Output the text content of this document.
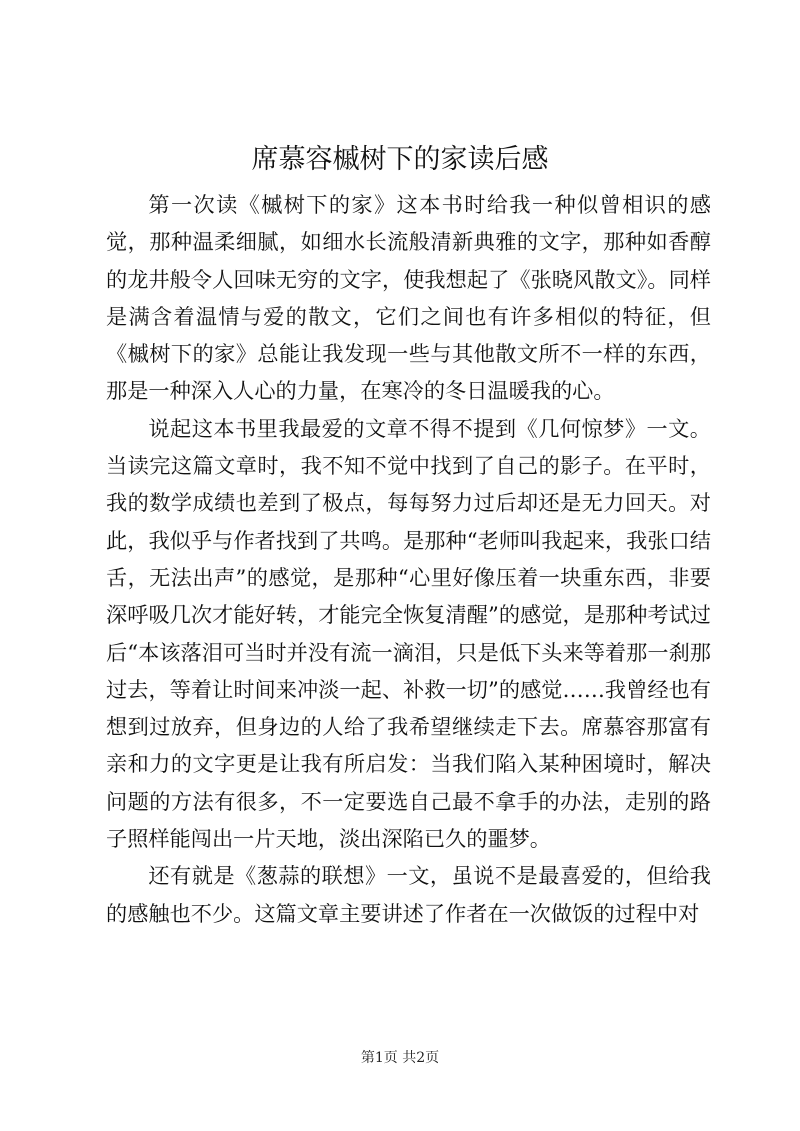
席慕容槭树下的家读后感

第一次读《槭树下的家》这本书时给我一种似曾相识的感觉，那种温柔细腻，如细水长流般清新典雅的文字，那种如香醇的龙井般令人回味无穷的文字，使我想起了《张晓风散文》。同样是满含着温情与爱的散文，它们之间也有许多相似的特征，但《槭树下的家》总能让我发现一些与其他散文所不一样的东西，那是一种深入人心的力量，在寒冷的冬日温暖我的心。

说起这本书里我最爱的文章不得不提到《几何惊梦》一文。当读完这篇文章时，我不知不觉中找到了自己的影子。在平时，我的数学成绩也差到了极点，每每努力过后却还是无力回天。对此，我似乎与作者找到了共鸣。是那种“老师叫我起来，我张口结舌，无法出声”的感觉，是那种“心里好像压着一块重东西，非要深呼吸几次才能好转，才能完全恢复清醒”的感觉，是那种考试过后“本该落泪可当时并没有流一滴泪，只是低下头来等着那一刹那过去，等着让时间来冲淡一起、补救一切”的感觉……我曾经也有想到过放弃，但身边的人给了我希望继续走下去。席慕容那富有亲和力的文字更是让我有所启发：当我们陷入某种困境时，解决问题的方法有很多，不一定要选自己最不拿手的办法，走别的路子照样能闯出一片天地，淡出深陷已久的噩梦。

还有就是《葱蒜的联想》一文，虽说不是最喜爱的，但给我的感触也不少。这篇文章主要讲述了作者在一次做饭的过程中对

第1页 共2页
